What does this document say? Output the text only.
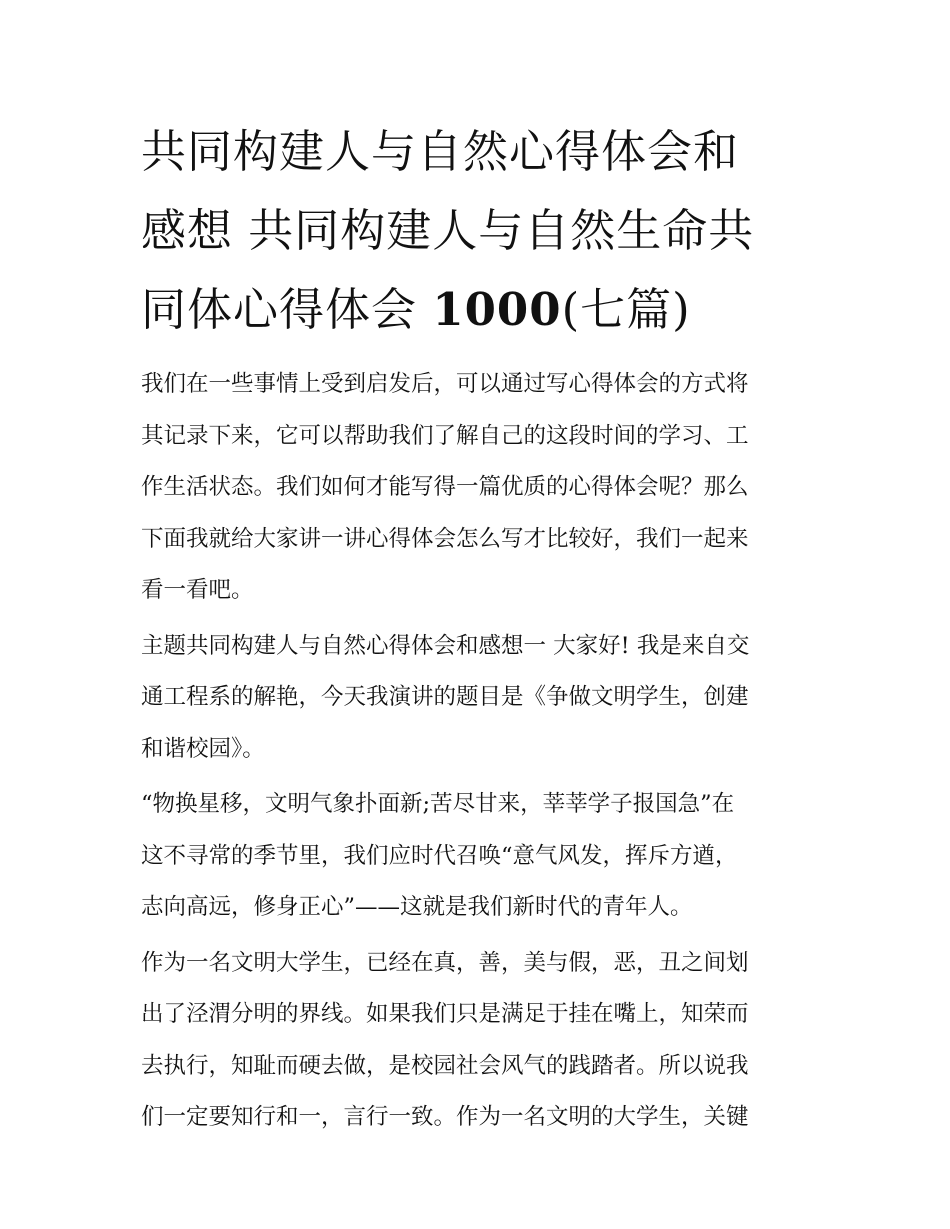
共同构建人与自然心得体会和
感想 共同构建人与自然生命共
同体心得体会 1000(七篇)

我们在一些事情上受到启发后，可以通过写心得体会的方式将
其记录下来，它可以帮助我们了解自己的这段时间的学习、工
作生活状态。我们如何才能写得一篇优质的心得体会呢？那么
下面我就给大家讲一讲心得体会怎么写才比较好，我们一起来
看一看吧。

主题共同构建人与自然心得体会和感想一 大家好! 我是来自交
通工程系的解艳，今天我演讲的题目是《争做文明学生，创建
和谐校园》。

“物换星移，文明气象扑面新;苦尽甘来，莘莘学子报国急”在
这不寻常的季节里，我们应时代召唤“意气风发，挥斥方遒，
志向高远，修身正心”——这就是我们新时代的青年人。

作为一名文明大学生，已经在真，善，美与假，恶，丑之间划
出了泾渭分明的界线。如果我们只是满足于挂在嘴上，知荣而
去执行，知耻而硬去做，是校园社会风气的践踏者。所以说我
们一定要知行和一，言行一致。作为一名文明的大学生，关键
